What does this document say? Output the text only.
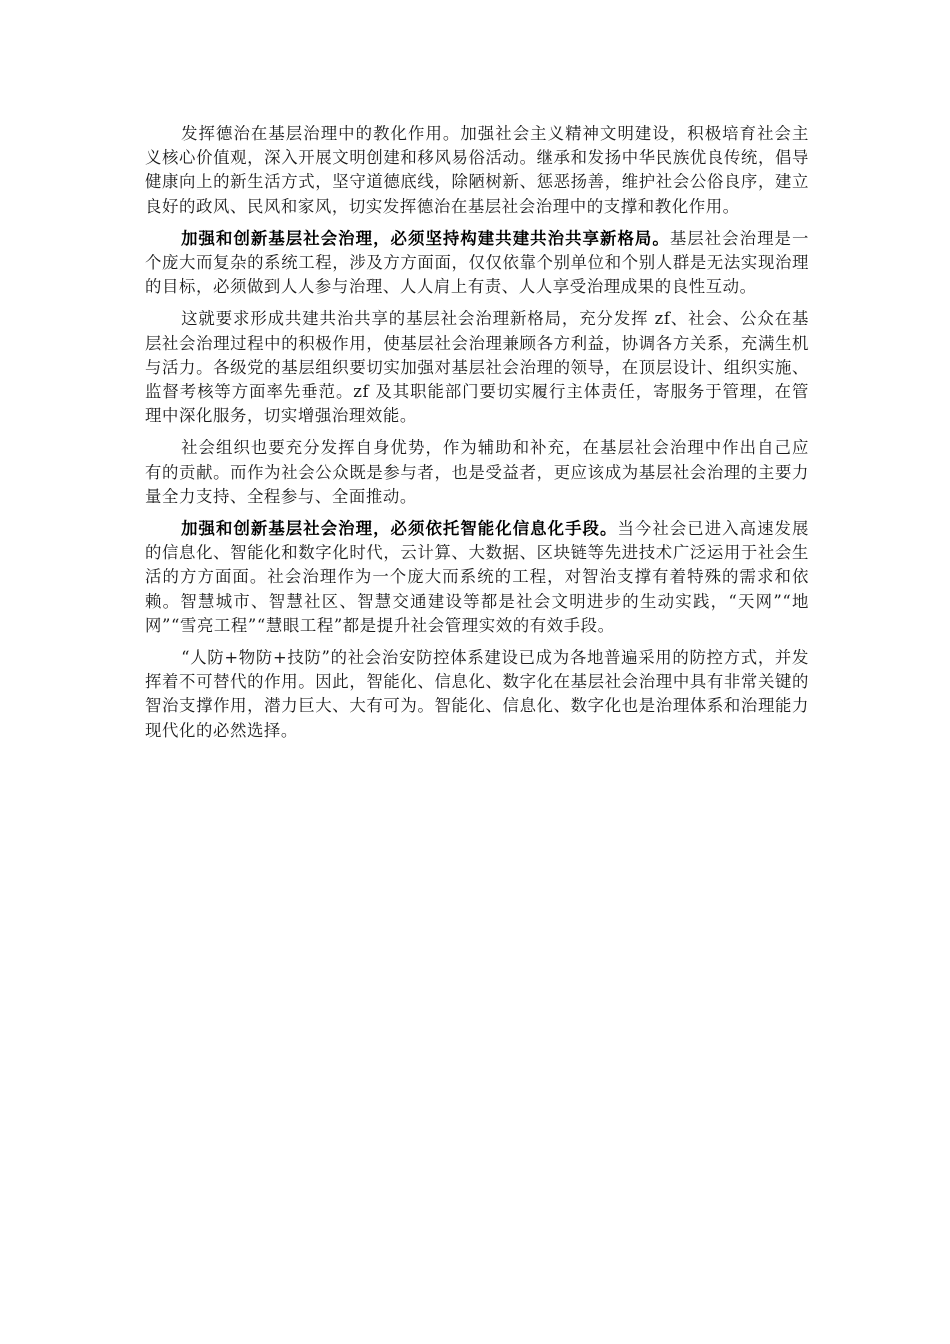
发挥德治在基层治理中的教化作用。加强社会主义精神文明建设，积极培育社会主义核心价值观，深入开展文明创建和移风易俗活动。继承和发扬中华民族优良传统，倡导健康向上的新生活方式，坚守道德底线，除陋树新、惩恶扬善，维护社会公俗良序，建立良好的政风、民风和家风，切实发挥德治在基层社会治理中的支撑和教化作用。

加强和创新基层社会治理，必须坚持构建共建共治共享新格局。基层社会治理是一个庞大而复杂的系统工程，涉及方方面面，仅仅依靠个别单位和个别人群是无法实现治理的目标，必须做到人人参与治理、人人肩上有责、人人享受治理成果的良性互动。

这就要求形成共建共治共享的基层社会治理新格局，充分发挥 zf、社会、公众在基层社会治理过程中的积极作用，使基层社会治理兼顾各方利益，协调各方关系，充满生机与活力。各级党的基层组织要切实加强对基层社会治理的领导，在顶层设计、组织实施、监督考核等方面率先垂范。zf 及其职能部门要切实履行主体责任，寄服务于管理，在管理中深化服务，切实增强治理效能。

社会组织也要充分发挥自身优势，作为辅助和补充，在基层社会治理中作出自己应有的贡献。而作为社会公众既是参与者，也是受益者，更应该成为基层社会治理的主要力量全力支持、全程参与、全面推动。

加强和创新基层社会治理，必须依托智能化信息化手段。当今社会已进入高速发展的信息化、智能化和数字化时代，云计算、大数据、区块链等先进技术广泛运用于社会生活的方方面面。社会治理作为一个庞大而系统的工程，对智治支撑有着特殊的需求和依赖。智慧城市、智慧社区、智慧交通建设等都是社会文明进步的生动实践，“天网”“地网”“雪亮工程”“慧眼工程”都是提升社会管理实效的有效手段。

“人防+物防+技防”的社会治安防控体系建设已成为各地普遍采用的防控方式，并发挥着不可替代的作用。因此，智能化、信息化、数字化在基层社会治理中具有非常关键的智治支撑作用，潜力巨大、大有可为。智能化、信息化、数字化也是治理体系和治理能力现代化的必然选择。
